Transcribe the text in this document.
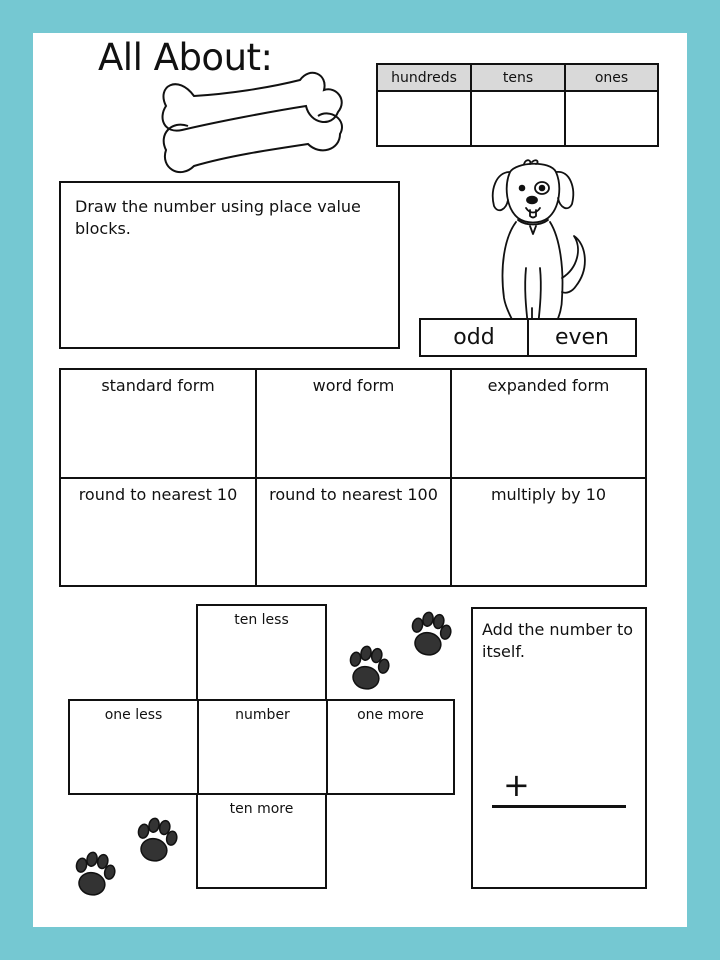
All About:	hundreds	tens	ones
Draw the number using place value blocks.
odd	even
standard form	word form	expanded form
round to nearest 10	round to nearest 100	multiply by 10
ten less
one less	number	one more
ten more
Add the number to itself.
+
